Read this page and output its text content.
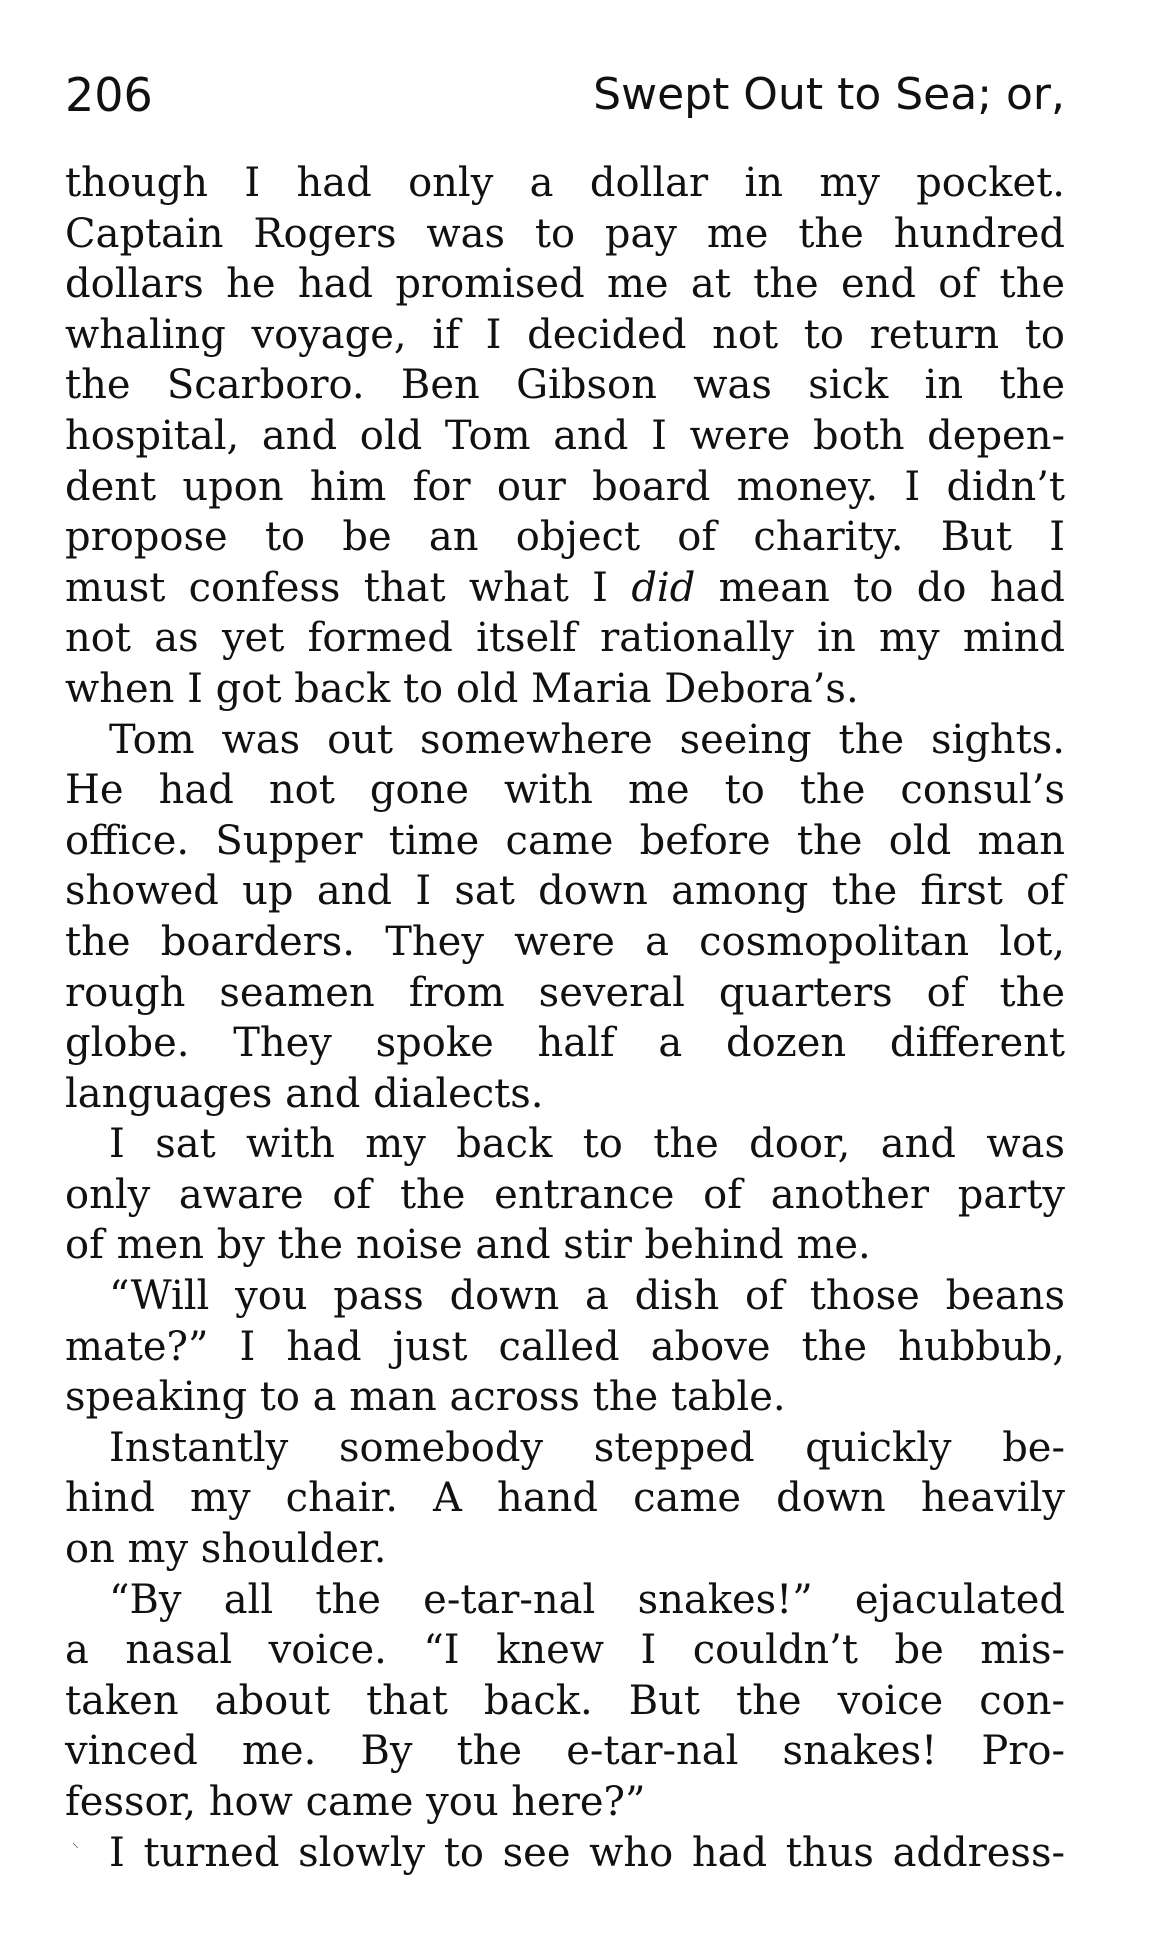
206	Swept Out to Sea; or,
though I had only a dollar in my pocket.
Captain Rogers was to pay me the hundred
dollars he had promised me at the end of the
whaling voyage, if I decided not to return to
the Scarboro. Ben Gibson was sick in the
hospital, and old Tom and I were both depen-
dent upon him for our board money. I didn’t
propose to be an object of charity. But I
must confess that what I did mean to do had
not as yet formed itself rationally in my mind
when I got back to old Maria Debora’s.
Tom was out somewhere seeing the sights.
He had not gone with me to the consul’s
office. Supper time came before the old man
showed up and I sat down among the first of
the boarders. They were a cosmopolitan lot,
rough seamen from several quarters of the
globe. They spoke half a dozen different
languages and dialects.
I sat with my back to the door, and was
only aware of the entrance of another party
of men by the noise and stir behind me.
“Will you pass down a dish of those beans
mate?” I had just called above the hubbub,
speaking to a man across the table.
Instantly somebody stepped quickly be-
hind my chair. A hand came down heavily
on my shoulder.
“By all the e-tar-nal snakes!” ejaculated
a nasal voice. “I knew I couldn’t be mis-
taken about that back. But the voice con-
vinced me. By the e-tar-nal snakes! Pro-
fessor, how came you here?”
I turned slowly to see who had thus address-
⸜
